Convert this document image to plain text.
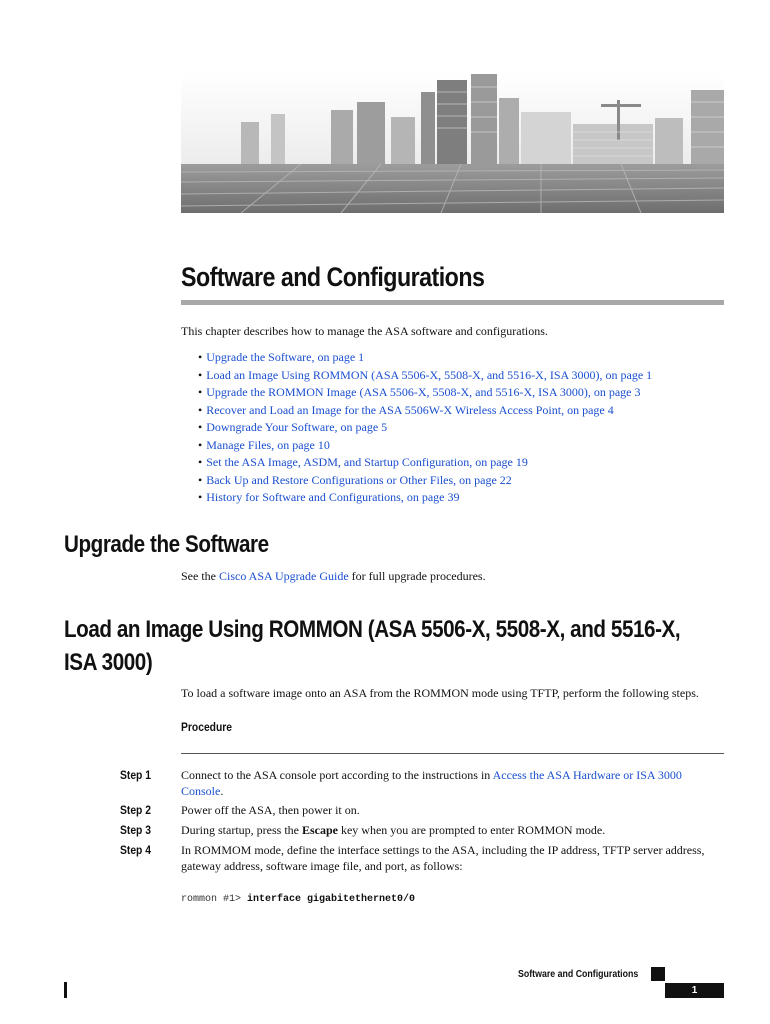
Software and Configurations
This chapter describes how to manage the ASA software and configurations.
• Upgrade the Software, on page 1
• Load an Image Using ROMMON (ASA 5506-X, 5508-X, and 5516-X, ISA 3000), on page 1
• Upgrade the ROMMON Image (ASA 5506-X, 5508-X, and 5516-X, ISA 3000), on page 3
• Recover and Load an Image for the ASA 5506W-X Wireless Access Point, on page 4
• Downgrade Your Software, on page 5
• Manage Files, on page 10
• Set the ASA Image, ASDM, and Startup Configuration, on page 19
• Back Up and Restore Configurations or Other Files, on page 22
• History for Software and Configurations, on page 39
Upgrade the Software
See the Cisco ASA Upgrade Guide for full upgrade procedures.
Load an Image Using ROMMON (ASA 5506-X, 5508-X, and 5516-X,
ISA 3000)
To load a software image onto an ASA from the ROMMON mode using TFTP, perform the following steps.
Procedure
Step 1	Connect to the ASA console port according to the instructions in Access the ASA Hardware or ISA 3000 Console.
Step 2	Power off the ASA, then power it on.
Step 3	During startup, press the Escape key when you are prompted to enter ROMMON mode.
Step 4	In ROMMOM mode, define the interface settings to the ASA, including the IP address, TFTP server address, gateway address, software image file, and port, as follows:
rommon #1> interface gigabitethernet0/0
Software and Configurations
1
